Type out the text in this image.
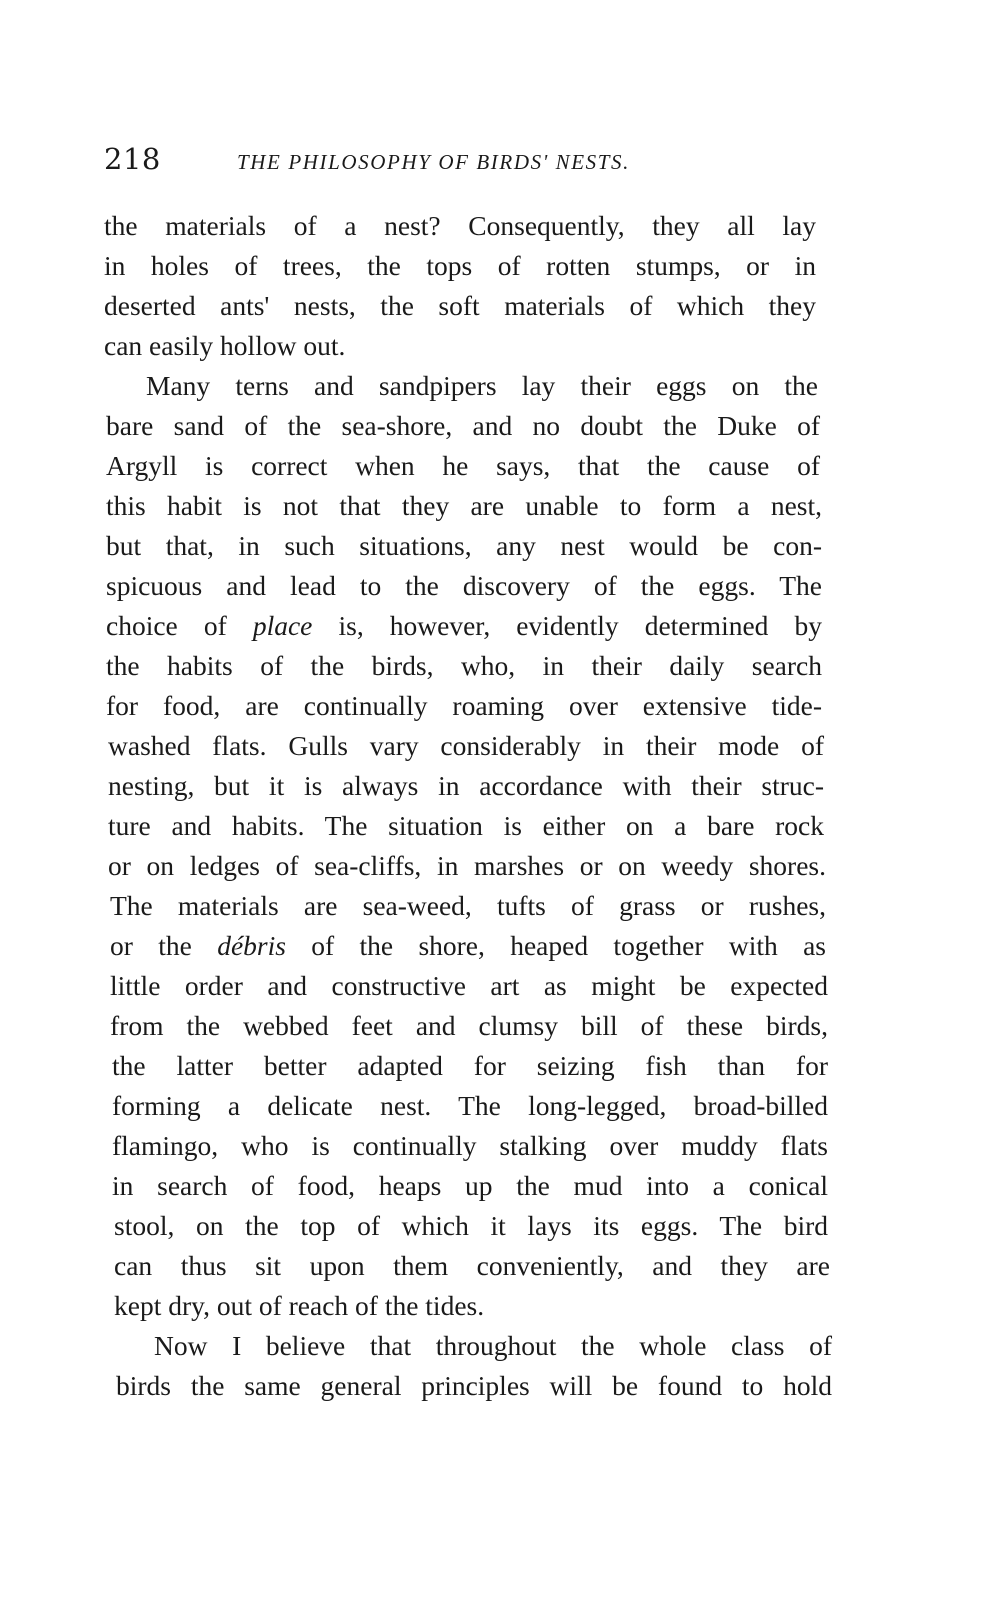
218	THE PHILOSOPHY OF BIRDS' NESTS.
the materials of a nest? Consequently, they all lay
in holes of trees, the tops of rotten stumps, or in
deserted ants' nests, the soft materials of which they
can easily hollow out.
Many terns and sandpipers lay their eggs on the
bare sand of the sea-shore, and no doubt the Duke of
Argyll is correct when he says, that the cause of
this habit is not that they are unable to form a nest,
but that, in such situations, any nest would be con-
spicuous and lead to the discovery of the eggs. The
choice of place is, however, evidently determined by
the habits of the birds, who, in their daily search
for food, are continually roaming over extensive tide-
washed flats. Gulls vary considerably in their mode of
nesting, but it is always in accordance with their struc-
ture and habits. The situation is either on a bare rock
or on ledges of sea-cliffs, in marshes or on weedy shores.
The materials are sea-weed, tufts of grass or rushes,
or the débris of the shore, heaped together with as
little order and constructive art as might be expected
from the webbed feet and clumsy bill of these birds,
the latter better adapted for seizing fish than for
forming a delicate nest. The long-legged, broad-billed
flamingo, who is continually stalking over muddy flats
in search of food, heaps up the mud into a conical
stool, on the top of which it lays its eggs. The bird
can thus sit upon them conveniently, and they are
kept dry, out of reach of the tides.
Now I believe that throughout the whole class of
birds the same general principles will be found to hold
